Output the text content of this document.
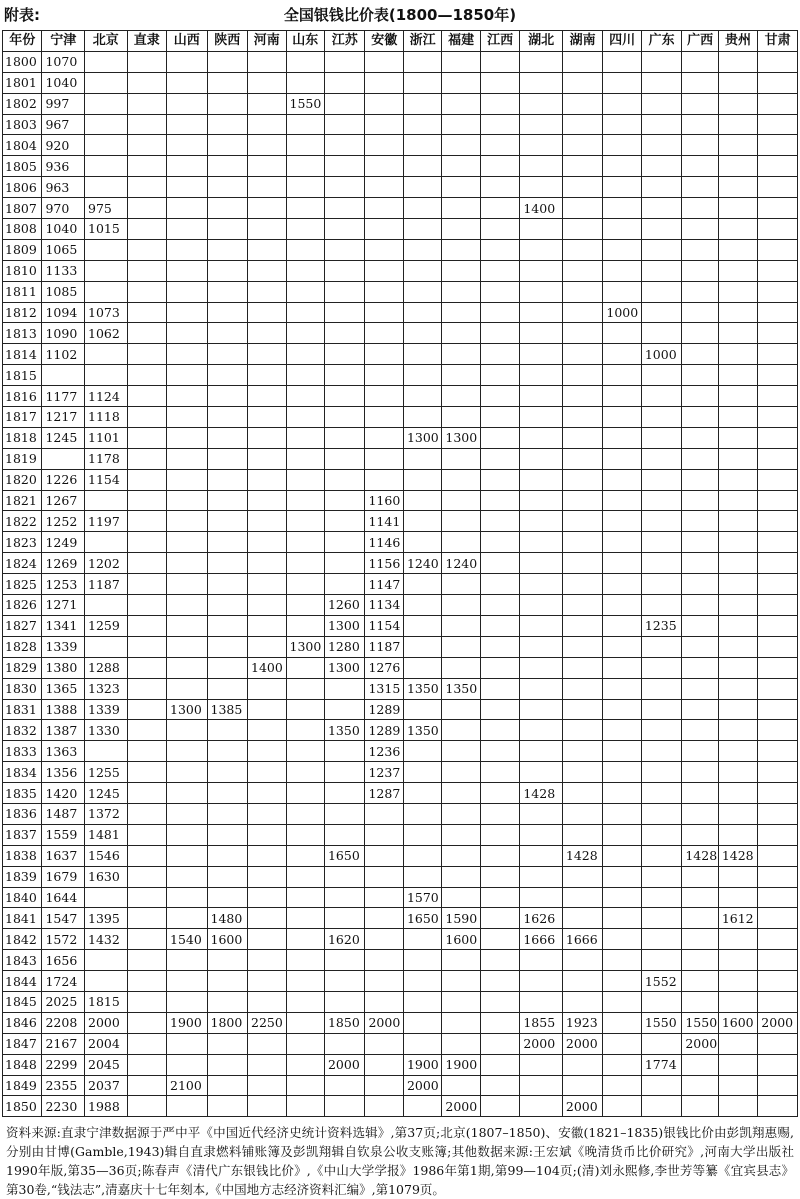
附表:	全国银钱比价表(1800—1850年)
年份	宁津	北京	直隶	山西	陕西	河南	山东	江苏	安徽	浙江	福建	江西	湖北	湖南	四川	广东	广西	贵州	甘肃
1800	1070																		
1801	1040																		
1802	997						1550												
1803	967																		
1804	920																		
1805	936																		
1806	963																		
1807	970	975											1400						
1808	1040	1015																	
1809	1065																		
1810	1133																		
1811	1085																		
1812	1094	1073													1000				
1813	1090	1062																	
1814	1102															1000			
1815																			
1816	1177	1124																	
1817	1217	1118																	
1818	1245	1101								1300	1300								
1819		1178																	
1820	1226	1154																	
1821	1267								1160										
1822	1252	1197							1141										
1823	1249								1146										
1824	1269	1202							1156	1240	1240								
1825	1253	1187							1147										
1826	1271							1260	1134										
1827	1341	1259						1300	1154							1235			
1828	1339						1300	1280	1187										
1829	1380	1288				1400		1300	1276										
1830	1365	1323							1315	1350	1350								
1831	1388	1339		1300	1385				1289										
1832	1387	1330						1350	1289	1350									
1833	1363								1236										
1834	1356	1255							1237										
1835	1420	1245							1287				1428						
1836	1487	1372																	
1837	1559	1481																	
1838	1637	1546						1650						1428			1428	1428	
1839	1679	1630																	
1840	1644									1570									
1841	1547	1395			1480					1650	1590		1626					1612	
1842	1572	1432		1540	1600			1620			1600		1666	1666					
1843	1656																		
1844	1724															1552			
1845	2025	1815																	
1846	2208	2000		1900	1800	2250		1850	2000				1855	1923		1550	1550	1600	2000
1847	2167	2004											2000	2000			2000		
1848	2299	2045						2000		1900	1900					1774			
1849	2355	2037		2100						2000									
1850	2230	1988									2000			2000					
资料来源:直隶宁津数据源于严中平《中国近代经济史统计资料选辑》,第37页;北京(1807–1850)、安徽(1821–1835)银钱比价由彭凯翔惠赐,分别由甘博(Gamble,1943)辑自直隶燃料铺账簿及彭凯翔辑自钦泉公收支账簿;其他数据来源:王宏斌《晚清货币比价研究》,河南大学出版社1990年版,第35—36页;陈春声《清代广东银钱比价》,《中山大学学报》1986年第1期,第99—104页;(清)刘永熙修,李世芳等纂《宜宾县志》第30卷,“钱法志”,清嘉庆十七年刻本,《中国地方志经济资料汇编》,第1079页。
